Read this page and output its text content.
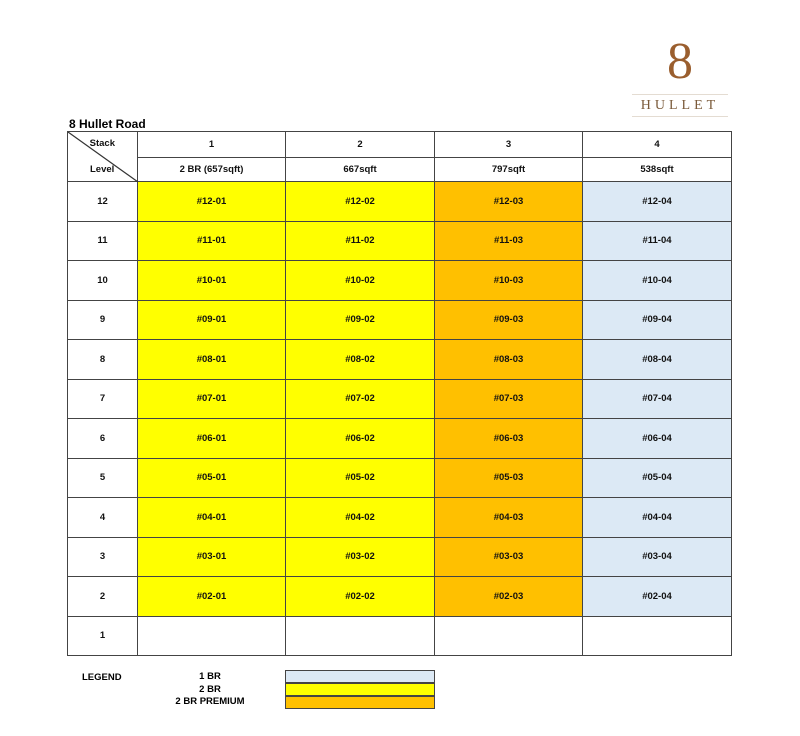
8
HULLET
8 Hullet Road
Stack
Level	1	2	3	4
	2 BR (657sqft)	667sqft	797sqft	538sqft
12	#12-01	#12-02	#12-03	#12-04
11	#11-01	#11-02	#11-03	#11-04
10	#10-01	#10-02	#10-03	#10-04
9	#09-01	#09-02	#09-03	#09-04
8	#08-01	#08-02	#08-03	#08-04
7	#07-01	#07-02	#07-03	#07-04
6	#06-01	#06-02	#06-03	#06-04
5	#05-01	#05-02	#05-03	#05-04
4	#04-01	#04-02	#04-03	#04-04
3	#03-01	#03-02	#03-03	#03-04
2	#02-01	#02-02	#02-03	#02-04
1				
LEGEND	1 BR
2 BR
2 BR PREMIUM
